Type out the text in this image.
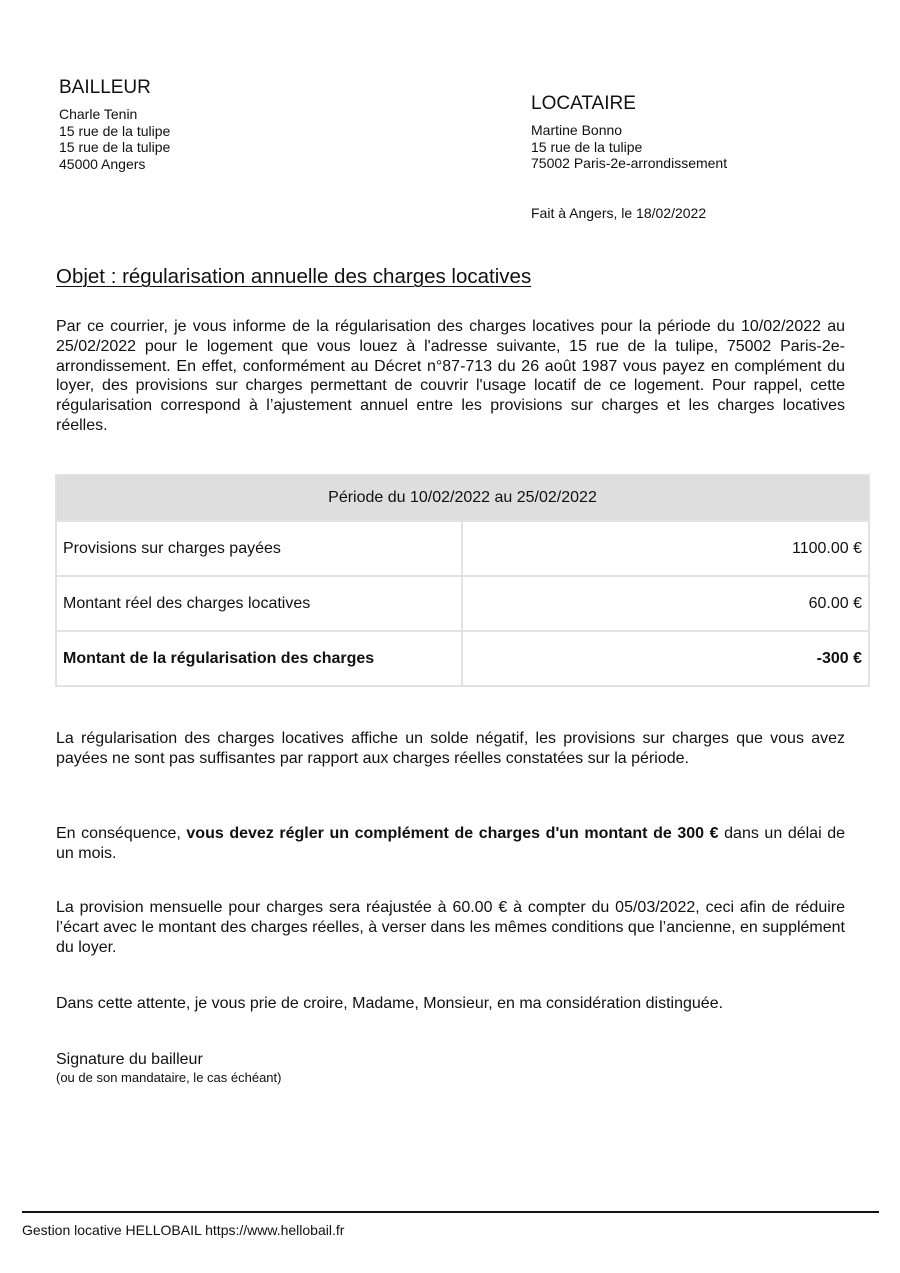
BAILLEUR
Charle Tenin
15 rue de la tulipe
15 rue de la tulipe
45000 Angers
LOCATAIRE
Martine Bonno
15 rue de la tulipe
75002 Paris-2e-arrondissement
Fait à Angers, le 18/02/2022
Objet : régularisation annuelle des charges locatives

Par ce courrier, je vous informe de la régularisation des charges locatives pour la période du 10/02/2022 au 25/02/2022 pour le logement que vous louez à l'adresse suivante, 15 rue de la tulipe, 75002 Paris-2e-arrondissement. En effet, conformément au Décret n°87-713 du 26 août 1987 vous payez en complément du loyer, des provisions sur charges permettant de couvrir l'usage locatif de ce logement. Pour rappel, cette régularisation correspond à l’ajustement annuel entre les provisions sur charges et les charges locatives réelles.

Période du 10/02/2022 au 25/02/2022	
Provisions sur charges payées	1100.00 €
Montant réel des charges locatives	60.00 €
Montant de la régularisation des charges	-300 €

La régularisation des charges locatives affiche un solde négatif, les provisions sur charges que vous avez payées ne sont pas suffisantes par rapport aux charges réelles constatées sur la période.

En conséquence, vous devez régler un complément de charges d'un montant de 300 € dans un délai de un mois.

La provision mensuelle pour charges sera réajustée à 60.00 € à compter du 05/03/2022, ceci afin de réduire l’écart avec le montant des charges réelles, à verser dans les mêmes conditions que l’ancienne, en supplément du loyer.

Dans cette attente, je vous prie de croire, Madame, Monsieur, en ma considération distinguée.

Signature du bailleur
(ou de son mandataire, le cas échéant)
Gestion locative HELLOBAIL https://www.hellobail.fr
